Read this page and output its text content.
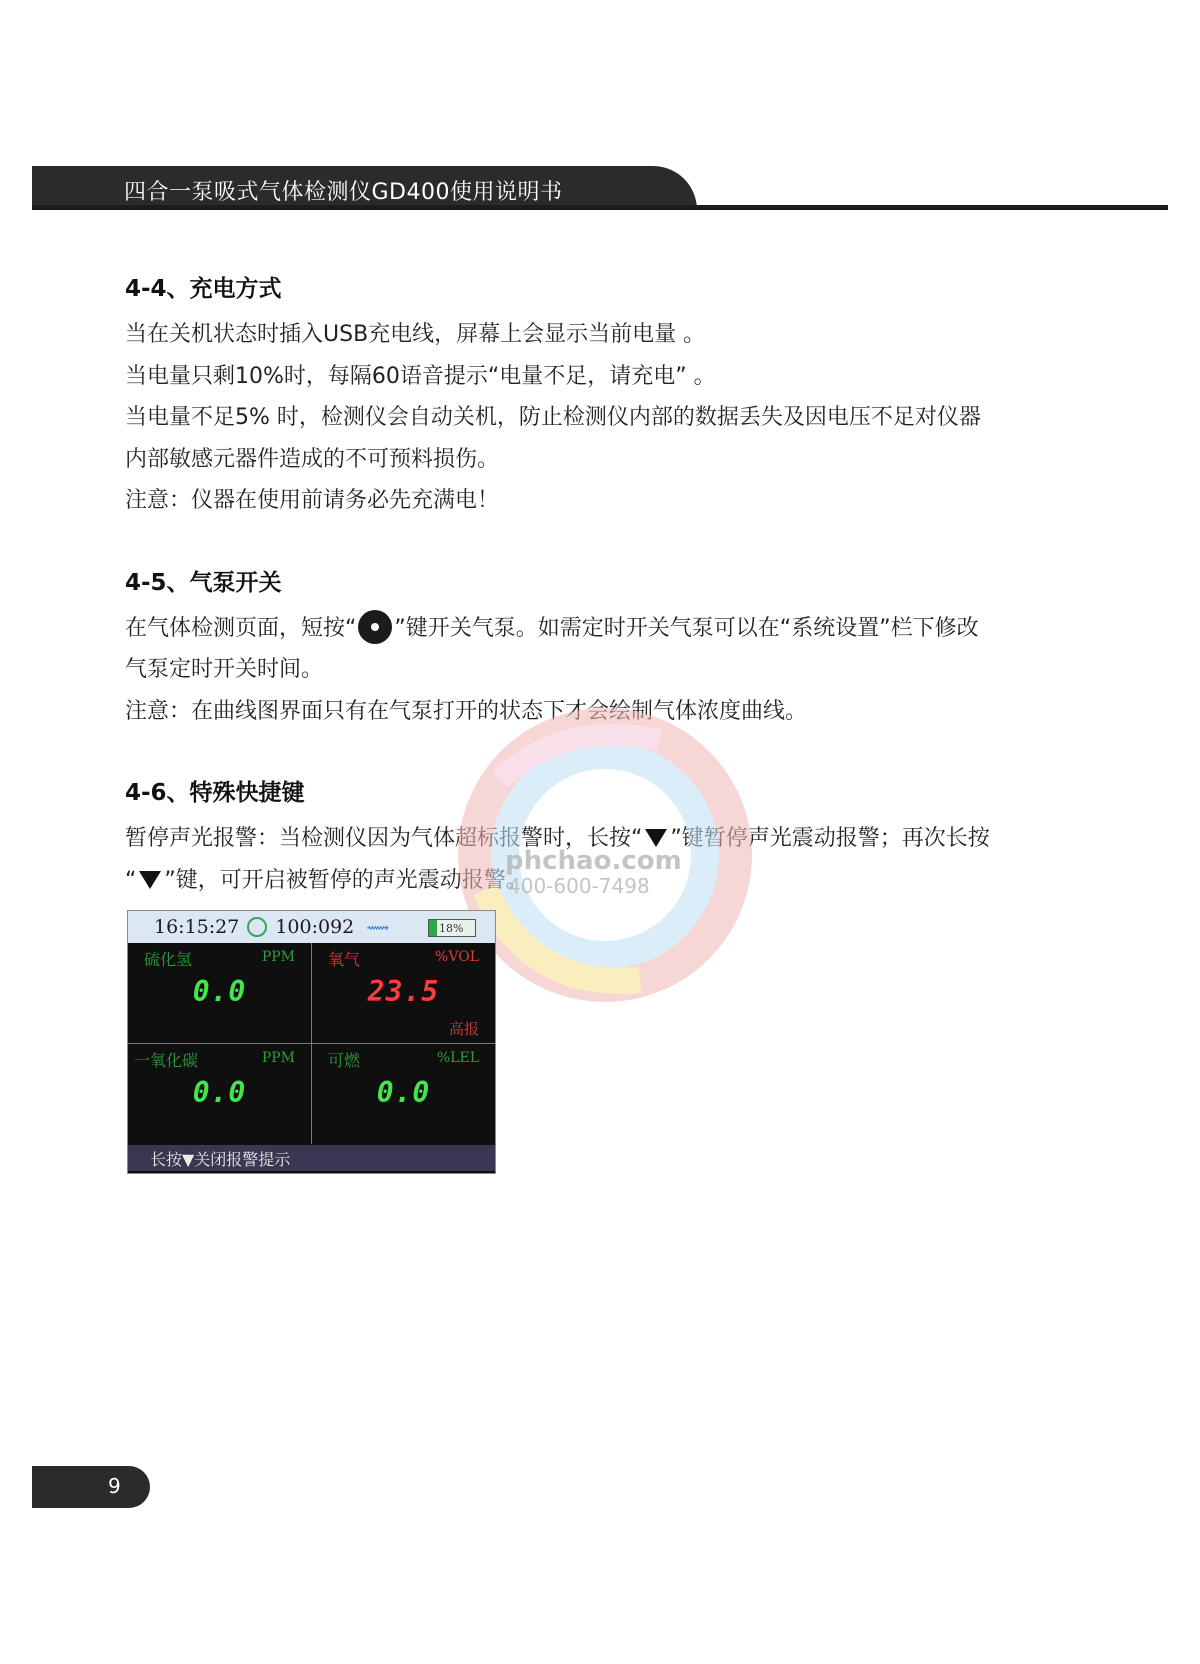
四合一泵吸式气体检测仪GD400使用说明书
4-4、充电方式

当在关机状态时插入USB充电线，屏幕上会显示当前电量 。

当电量只剩10%时，每隔60语音提示“电量不足，请充电” 。

当电量不足5% 时，检测仪会自动关机，防止检测仪内部的数据丢失及因电压不足对仪器

内部敏感元器件造成的不可预料损伤。

注意：仪器在使用前请务必先充满电！

4-5、气泵开关

在气体检测页面，短按“ ”键开关气泵。如需定时开关气泵可以在“系统设置”栏下修改

气泵定时开关时间。

注意：在曲线图界面只有在气泵打开的状态下才会绘制气体浓度曲线。

4-6、特殊快捷键

暂停声光报警：当检测仪因为气体超标报警时，长按“ ”键暂停声光震动报警；再次长按

“ ”键，可开启被暂停的声光震动报警。

phchao.com
400-600-7498
16:15:27 100:092 ⟿	18%
硫化氢	PPM
0.0
氧气	%VOL
23.5
高报
一氧化碳	PPM
0.0
可燃	%LEL
0.0
长按▼关闭报警提示
9
